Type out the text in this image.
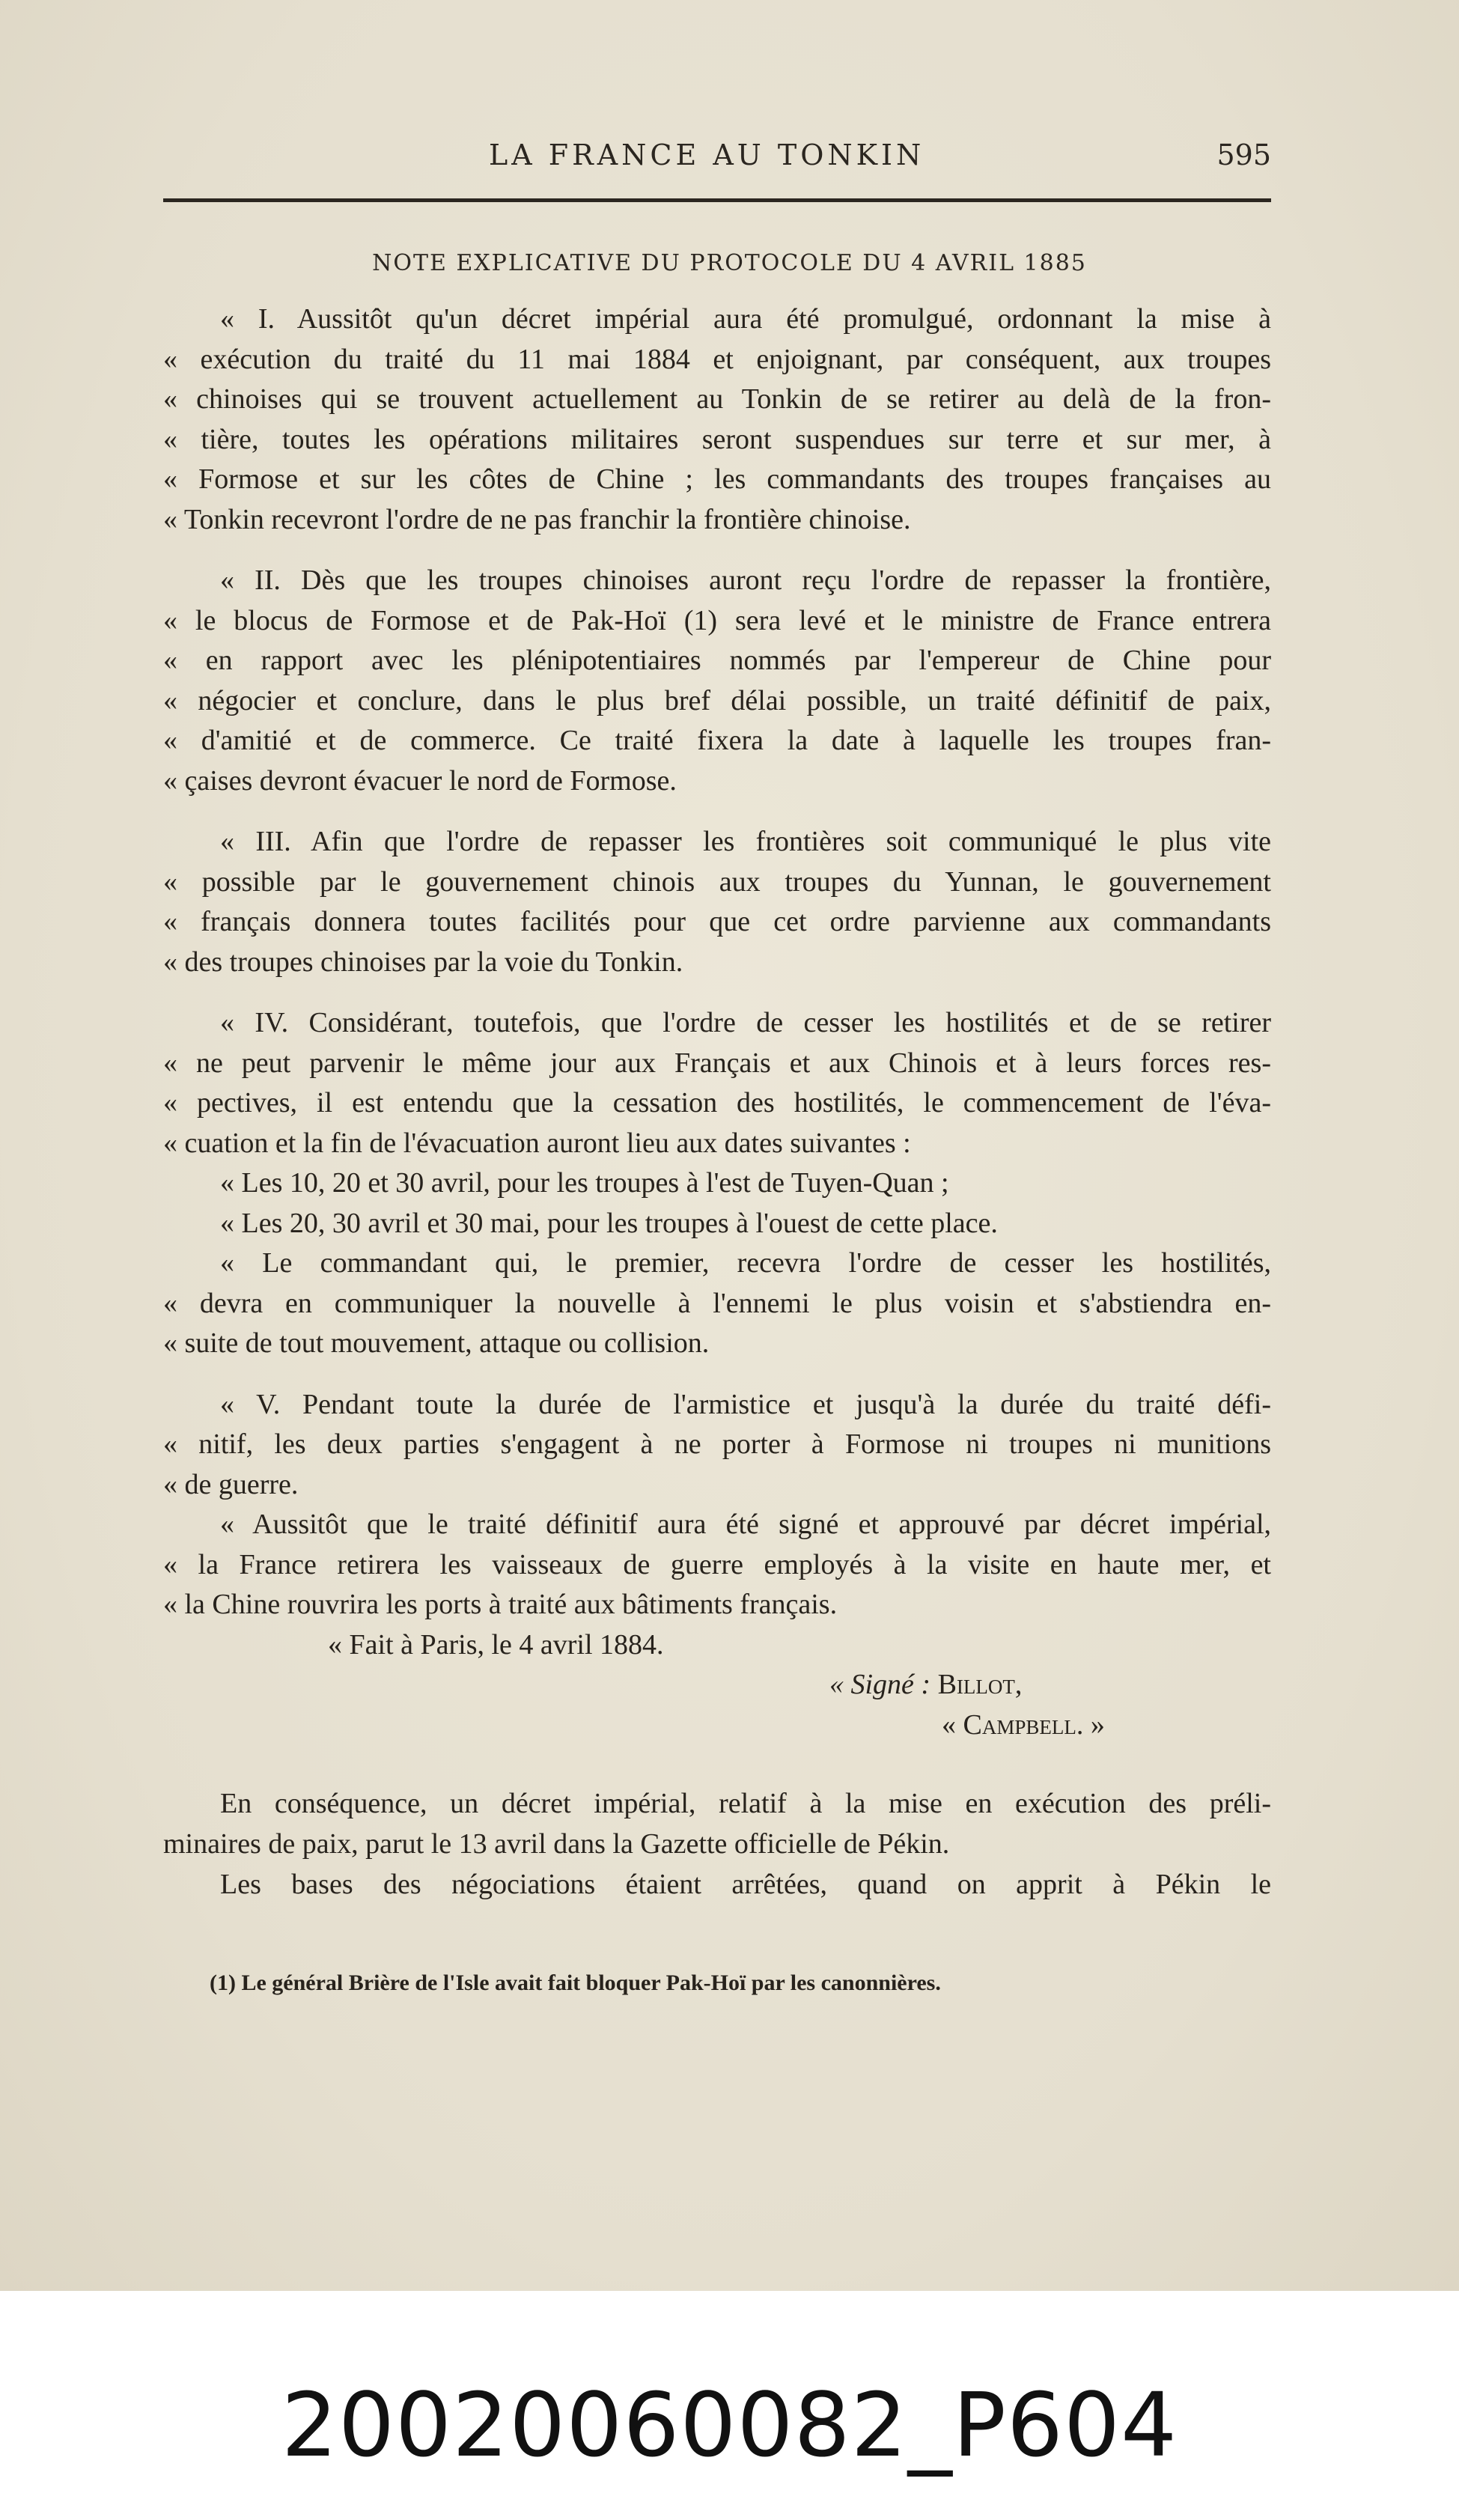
LA FRANCE AU TONKIN	595
NOTE EXPLICATIVE DU PROTOCOLE DU 4 AVRIL 1885
« I. Aussitôt qu'un décret impérial aura été promulgué, ordonnant la mise à
« exécution du traité du 11 mai 1884 et enjoignant, par conséquent, aux troupes
« chinoises qui se trouvent actuellement au Tonkin de se retirer au delà de la fron-
« tière, toutes les opérations militaires seront suspendues sur terre et sur mer, à
« Formose et sur les côtes de Chine ; les commandants des troupes françaises au
« Tonkin recevront l'ordre de ne pas franchir la frontière chinoise.
« II. Dès que les troupes chinoises auront reçu l'ordre de repasser la frontière,
« le blocus de Formose et de Pak-Hoï (1) sera levé et le ministre de France entrera
« en rapport avec les plénipotentiaires nommés par l'empereur de Chine pour
« négocier et conclure, dans le plus bref délai possible, un traité définitif de paix,
« d'amitié et de commerce. Ce traité fixera la date à laquelle les troupes fran-
« çaises devront évacuer le nord de Formose.
« III. Afin que l'ordre de repasser les frontières soit communiqué le plus vite
« possible par le gouvernement chinois aux troupes du Yunnan, le gouvernement
« français donnera toutes facilités pour que cet ordre parvienne aux commandants
« des troupes chinoises par la voie du Tonkin.
« IV. Considérant, toutefois, que l'ordre de cesser les hostilités et de se retirer
« ne peut parvenir le même jour aux Français et aux Chinois et à leurs forces res-
« pectives, il est entendu que la cessation des hostilités, le commencement de l'éva-
« cuation et la fin de l'évacuation auront lieu aux dates suivantes :
« Les 10, 20 et 30 avril, pour les troupes à l'est de Tuyen-Quan ;
« Les 20, 30 avril et 30 mai, pour les troupes à l'ouest de cette place.
« Le commandant qui, le premier, recevra l'ordre de cesser les hostilités,
« devra en communiquer la nouvelle à l'ennemi le plus voisin et s'abstiendra en-
« suite de tout mouvement, attaque ou collision.
« V. Pendant toute la durée de l'armistice et jusqu'à la durée du traité défi-
« nitif, les deux parties s'engagent à ne porter à Formose ni troupes ni munitions
« de guerre.
« Aussitôt que le traité définitif aura été signé et approuvé par décret impérial,
« la France retirera les vaisseaux de guerre employés à la visite en haute mer, et
« la Chine rouvrira les ports à traité aux bâtiments français.
« Fait à Paris, le 4 avril 1884.
« Signé : Billot,
« Campbell. »
En conséquence, un décret impérial, relatif à la mise en exécution des préli-
minaires de paix, parut le 13 avril dans la Gazette officielle de Pékin.
Les bases des négociations étaient arrêtées, quand on apprit à Pékin le
(1) Le général Brière de l'Isle avait fait bloquer Pak-Hoï par les canonnières.
20020060082_P604
